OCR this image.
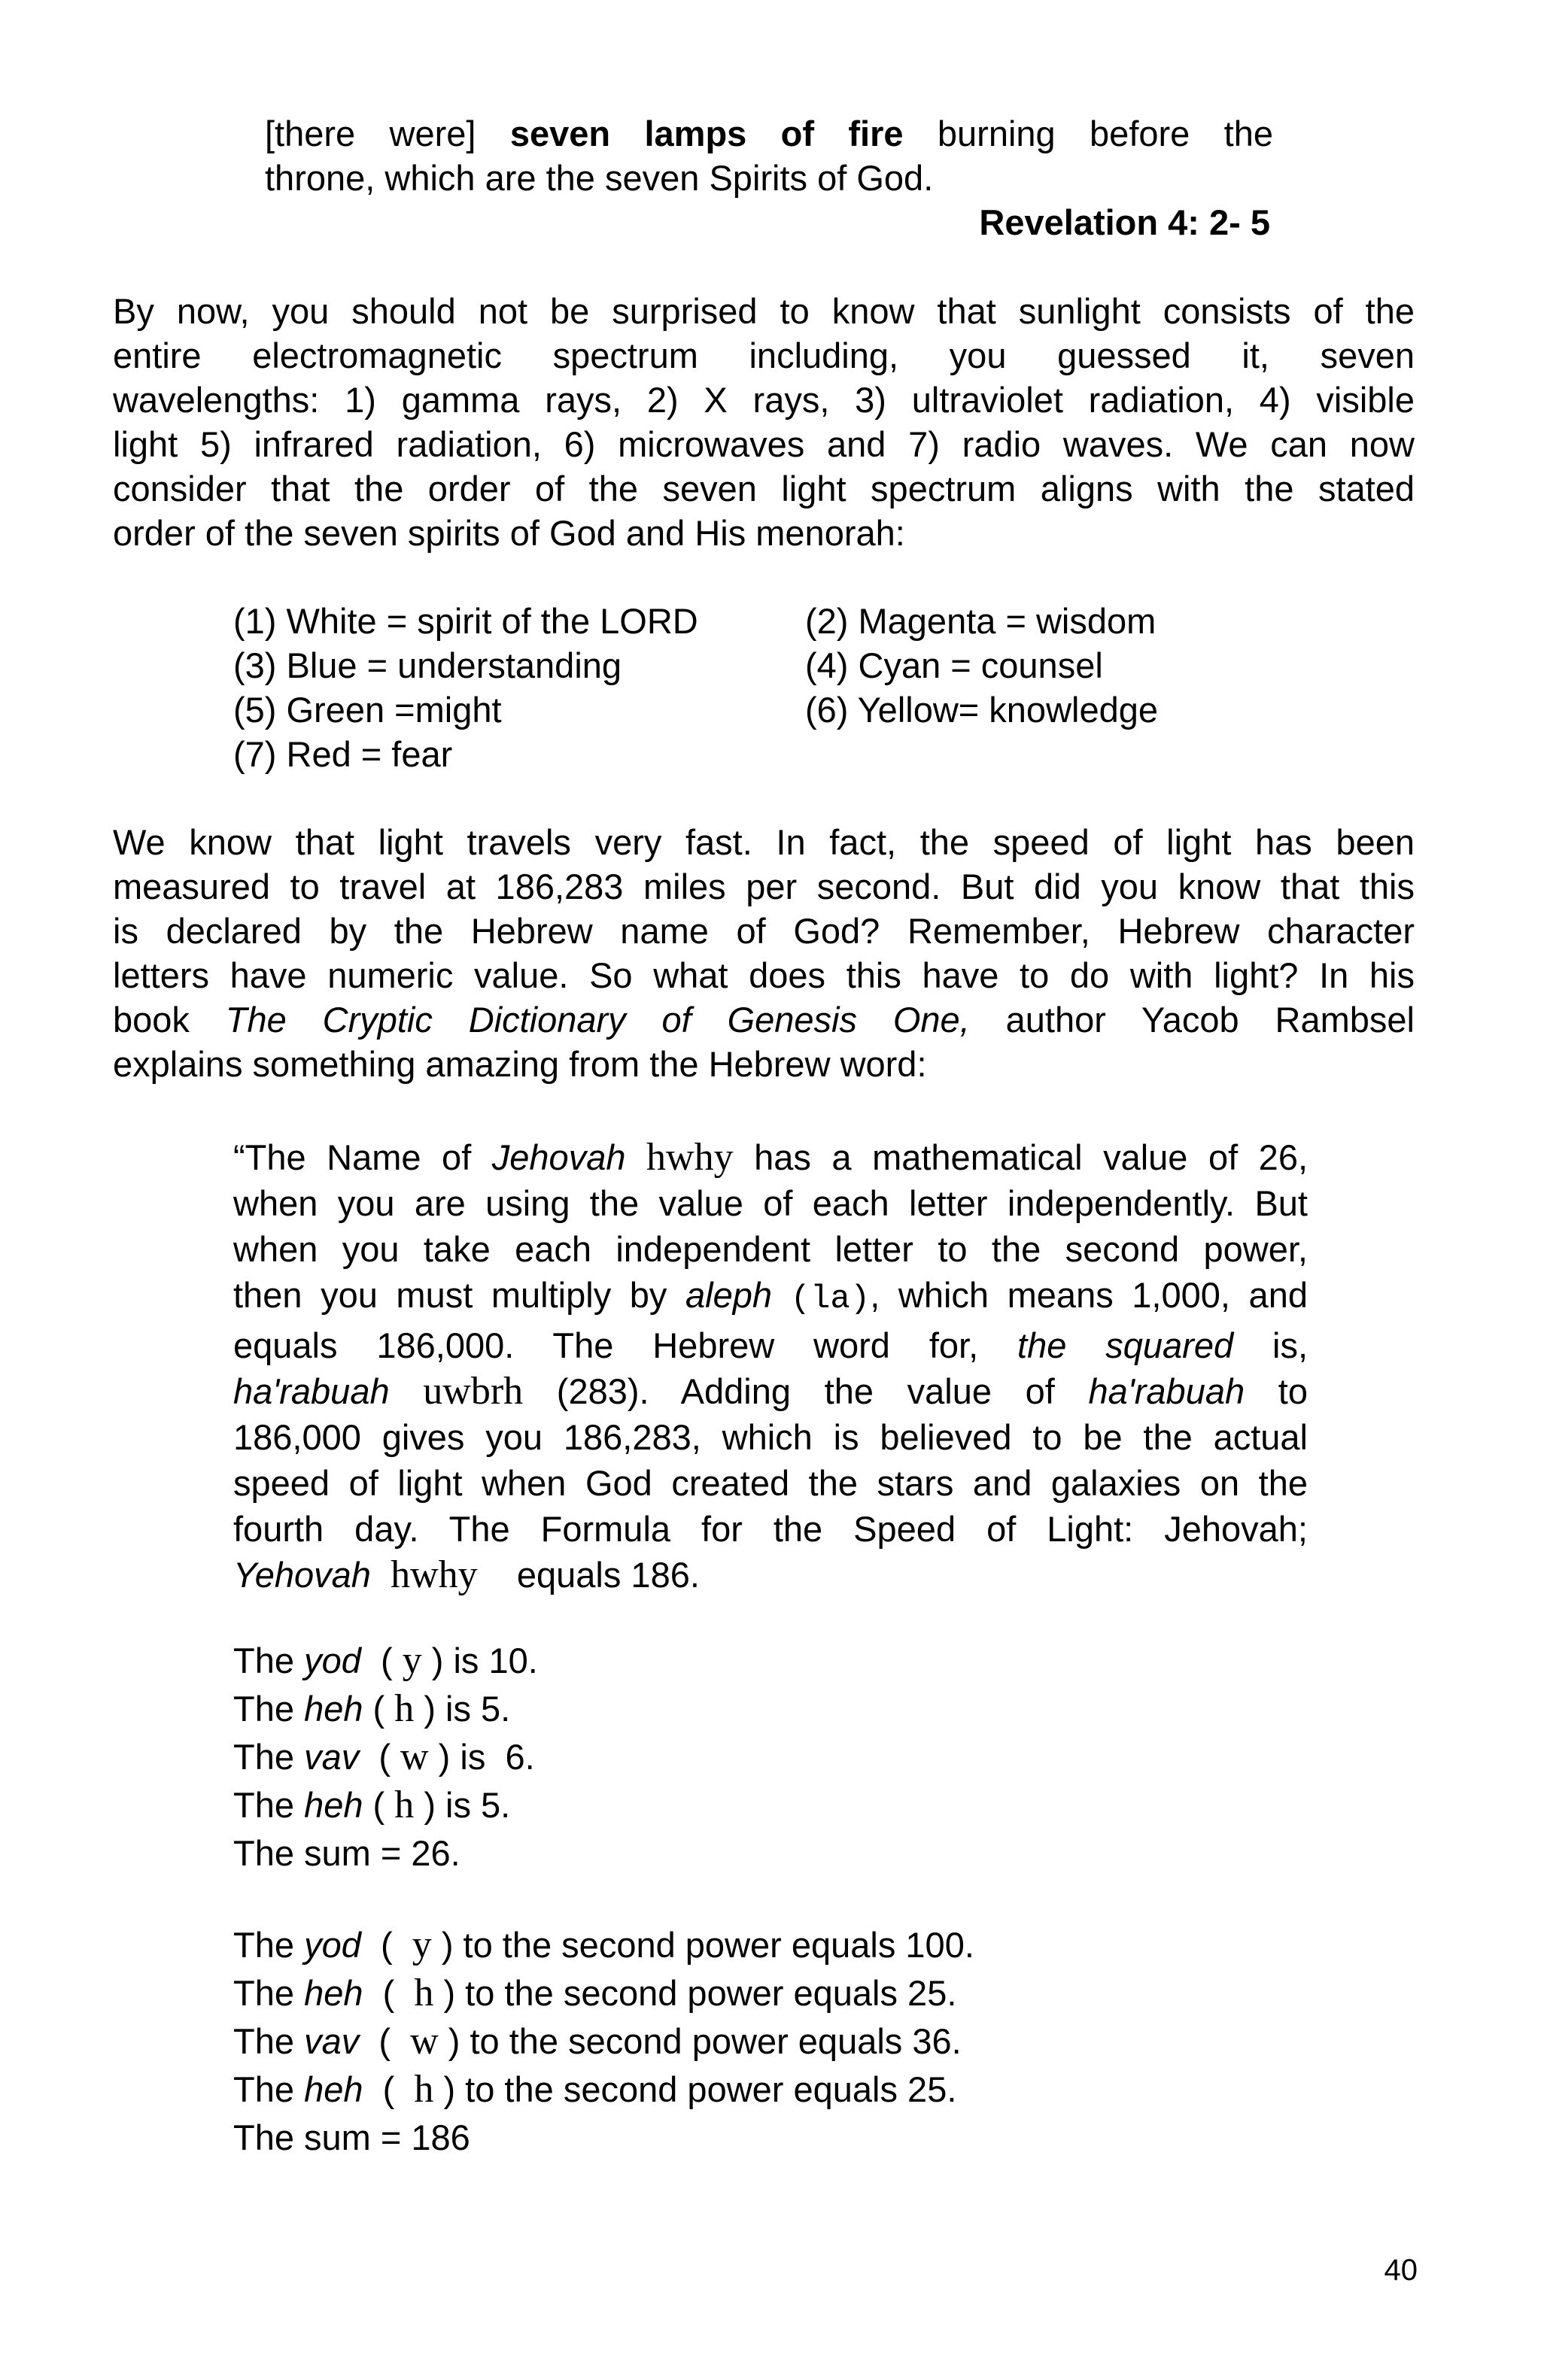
[there were] seven lamps of fire burning before the
throne, which are the seven Spirits of God.
Revelation 4: 2- 5
By now, you should not be surprised to know that sunlight consists of the
entire electromagnetic spectrum including, you guessed it, seven
wavelengths: 1) gamma rays, 2) X rays, 3) ultraviolet radiation, 4) visible
light 5) infrared radiation, 6) microwaves and 7) radio waves. We can now
consider that the order of the seven light spectrum aligns with the stated
order of the seven spirits of God and His menorah:
(1) White = spirit of the LORD	(2) Magenta = wisdom
(3) Blue = understanding	(4) Cyan = counsel
(5) Green =might	(6) Yellow= knowledge
(7) Red = fear
We know that light travels very fast. In fact, the speed of light has been
measured to travel at 186,283 miles per second. But did you know that this
is declared by the Hebrew name of God? Remember, Hebrew character
letters have numeric value. So what does this have to do with light? In his
book The Cryptic Dictionary of Genesis One, author Yacob Rambsel
explains something amazing from the Hebrew word:
“The Name of Jehovah hwhy has a mathematical value of 26,
when you are using the value of each letter independently. But
when you take each independent letter to the second power,
then you must multiply by aleph (la), which means 1,000, and
equals 186,000. The Hebrew word for, the squared is,
ha'rabuah uwbrh (283). Adding the value of ha'rabuah to
186,000 gives you 186,283, which is believed to be the actual
speed of light when God created the stars and galaxies on the
fourth day. The Formula for the Speed of Light: Jehovah;
Yehovah hwhy equals 186.
The yod ( y ) is 10.
The heh ( h ) is 5.
The vav ( w ) is  6.
The heh ( h ) is 5.
The sum = 26.
The yod ( y ) to the second power equals 100.
The heh ( h ) to the second power equals 25.
The vav ( w ) to the second power equals 36.
The heh ( h ) to the second power equals 25.
The sum = 186
40
